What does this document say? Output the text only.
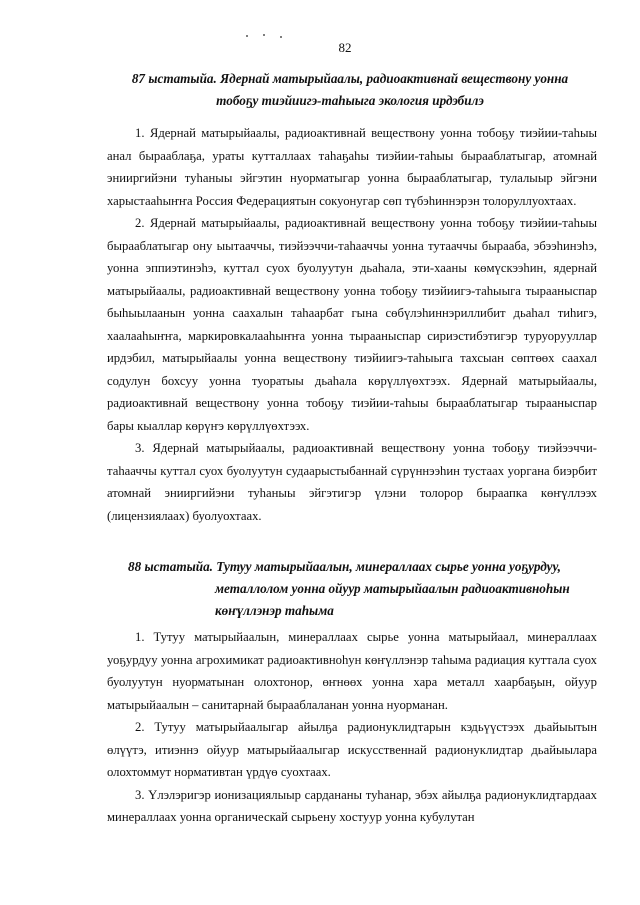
82
87 ыстатыйа. Ядернай матырыйаалы, радиоактивнай веществону уонна
тобоҕу тиэйиигэ-таһыыга экология ирдэбилэ

1. Ядернай матырыйаалы, радиоактивнай веществону уонна тобоҕу тиэйии-таһыы анал бырааблаҕа, ураты кутталлаах таһаҕаһы тиэйии-таһыы бырааблатыгар, атомнай энииргийэни туһаныы эйгэтин нуорматыгар уонна бырааблатыгар, тулалыыр эйгэни харыстааһыҥҥа Россия Федерациятын сокуонугар сөп түбэһиннэрэн толоруллуохтаах.

2. Ядернай матырыйаалы, радиоактивнай веществону уонна тобоҕу тиэйии-таһыы бырааблатыгар ону ыытааччы, тиэйээччи-таһааччы уонна тутааччы бырааба, эбээһинэһэ, уонна эппиэтинэһэ, куттал суох буолуутун дьаһала, эти-хааны көмүскээһин, ядернай матырыйаалы, радиоактивнай веществону уонна тобоҕу тиэйиигэ-таһыыга тырааныспар быһыылаанын уонна саахалын таһаарбат гына сөбүлэһиннэриллибит дьаһал тиһигэ, хаалааһыҥҥа, маркировкалааһыҥҥа уонна тырааныспар сириэстибэтигэр туруорууллар ирдэбил, матырыйаалы уонна веществону тиэйиигэ-таһыыга тахсыан сөптөөх саахал содулун бохсуу уонна туоратыы дьаһала көрүллүөхтээх. Ядернай матырыйаалы, радиоактивнай веществону уонна тобоҕу тиэйии-таһыы бырааблатыгар тырааныспар бары кыаллар көрүҥэ көрүллүөхтээх.

3. Ядернай матырыйаалы, радиоактивнай веществону уонна тобоҕу тиэйээччи-таһааччы куттал суох буолуутун судаарыстыбаннай сүрүннээһин тустаах уоргана биэрбит атомнай энииргийэни туһаныы эйгэтигэр үлэни толорор быраапка көҥүллээх (лицензиялаах) буолуохтаах.

88 ыстатыйа. Тутуу матырыйаалын, минераллаах сырье уонна уоҕурдуу,
металлолом уонна ойуур матырыйаалын радиоактивноһын
көҥүллэнэр таһыма

1. Тутуу матырыйаалын, минераллаах сырье уонна матырыйаал, минераллаах уоҕурдуу уонна агрохимикат радиоактивноһун көҥүллэнэр таһыма радиация куттала суох буолуутун нуорматынан олохтонор, өҥнөөх уонна хара металл хаарбаҕын, ойуур матырыйаалын – санитарнай бырааблаланан уонна нуорманан.

2. Тутуу матырыйаалыгар айылҕа радионуклидтарын кэдьүүстээх дьайыытын өлүүтэ, итиэннэ ойуур матырыйаалыгар искусственнай радионуклидтар дьайыылара олохтоммут нормативтан үрдүө суохтаах.

3. Үлэлэригэр ионизациялыыр сардананы туһанар, эбэх айылҕа радионуклидтардаах минераллаах уонна органическай сырьену хостуур уонна кубулутан
